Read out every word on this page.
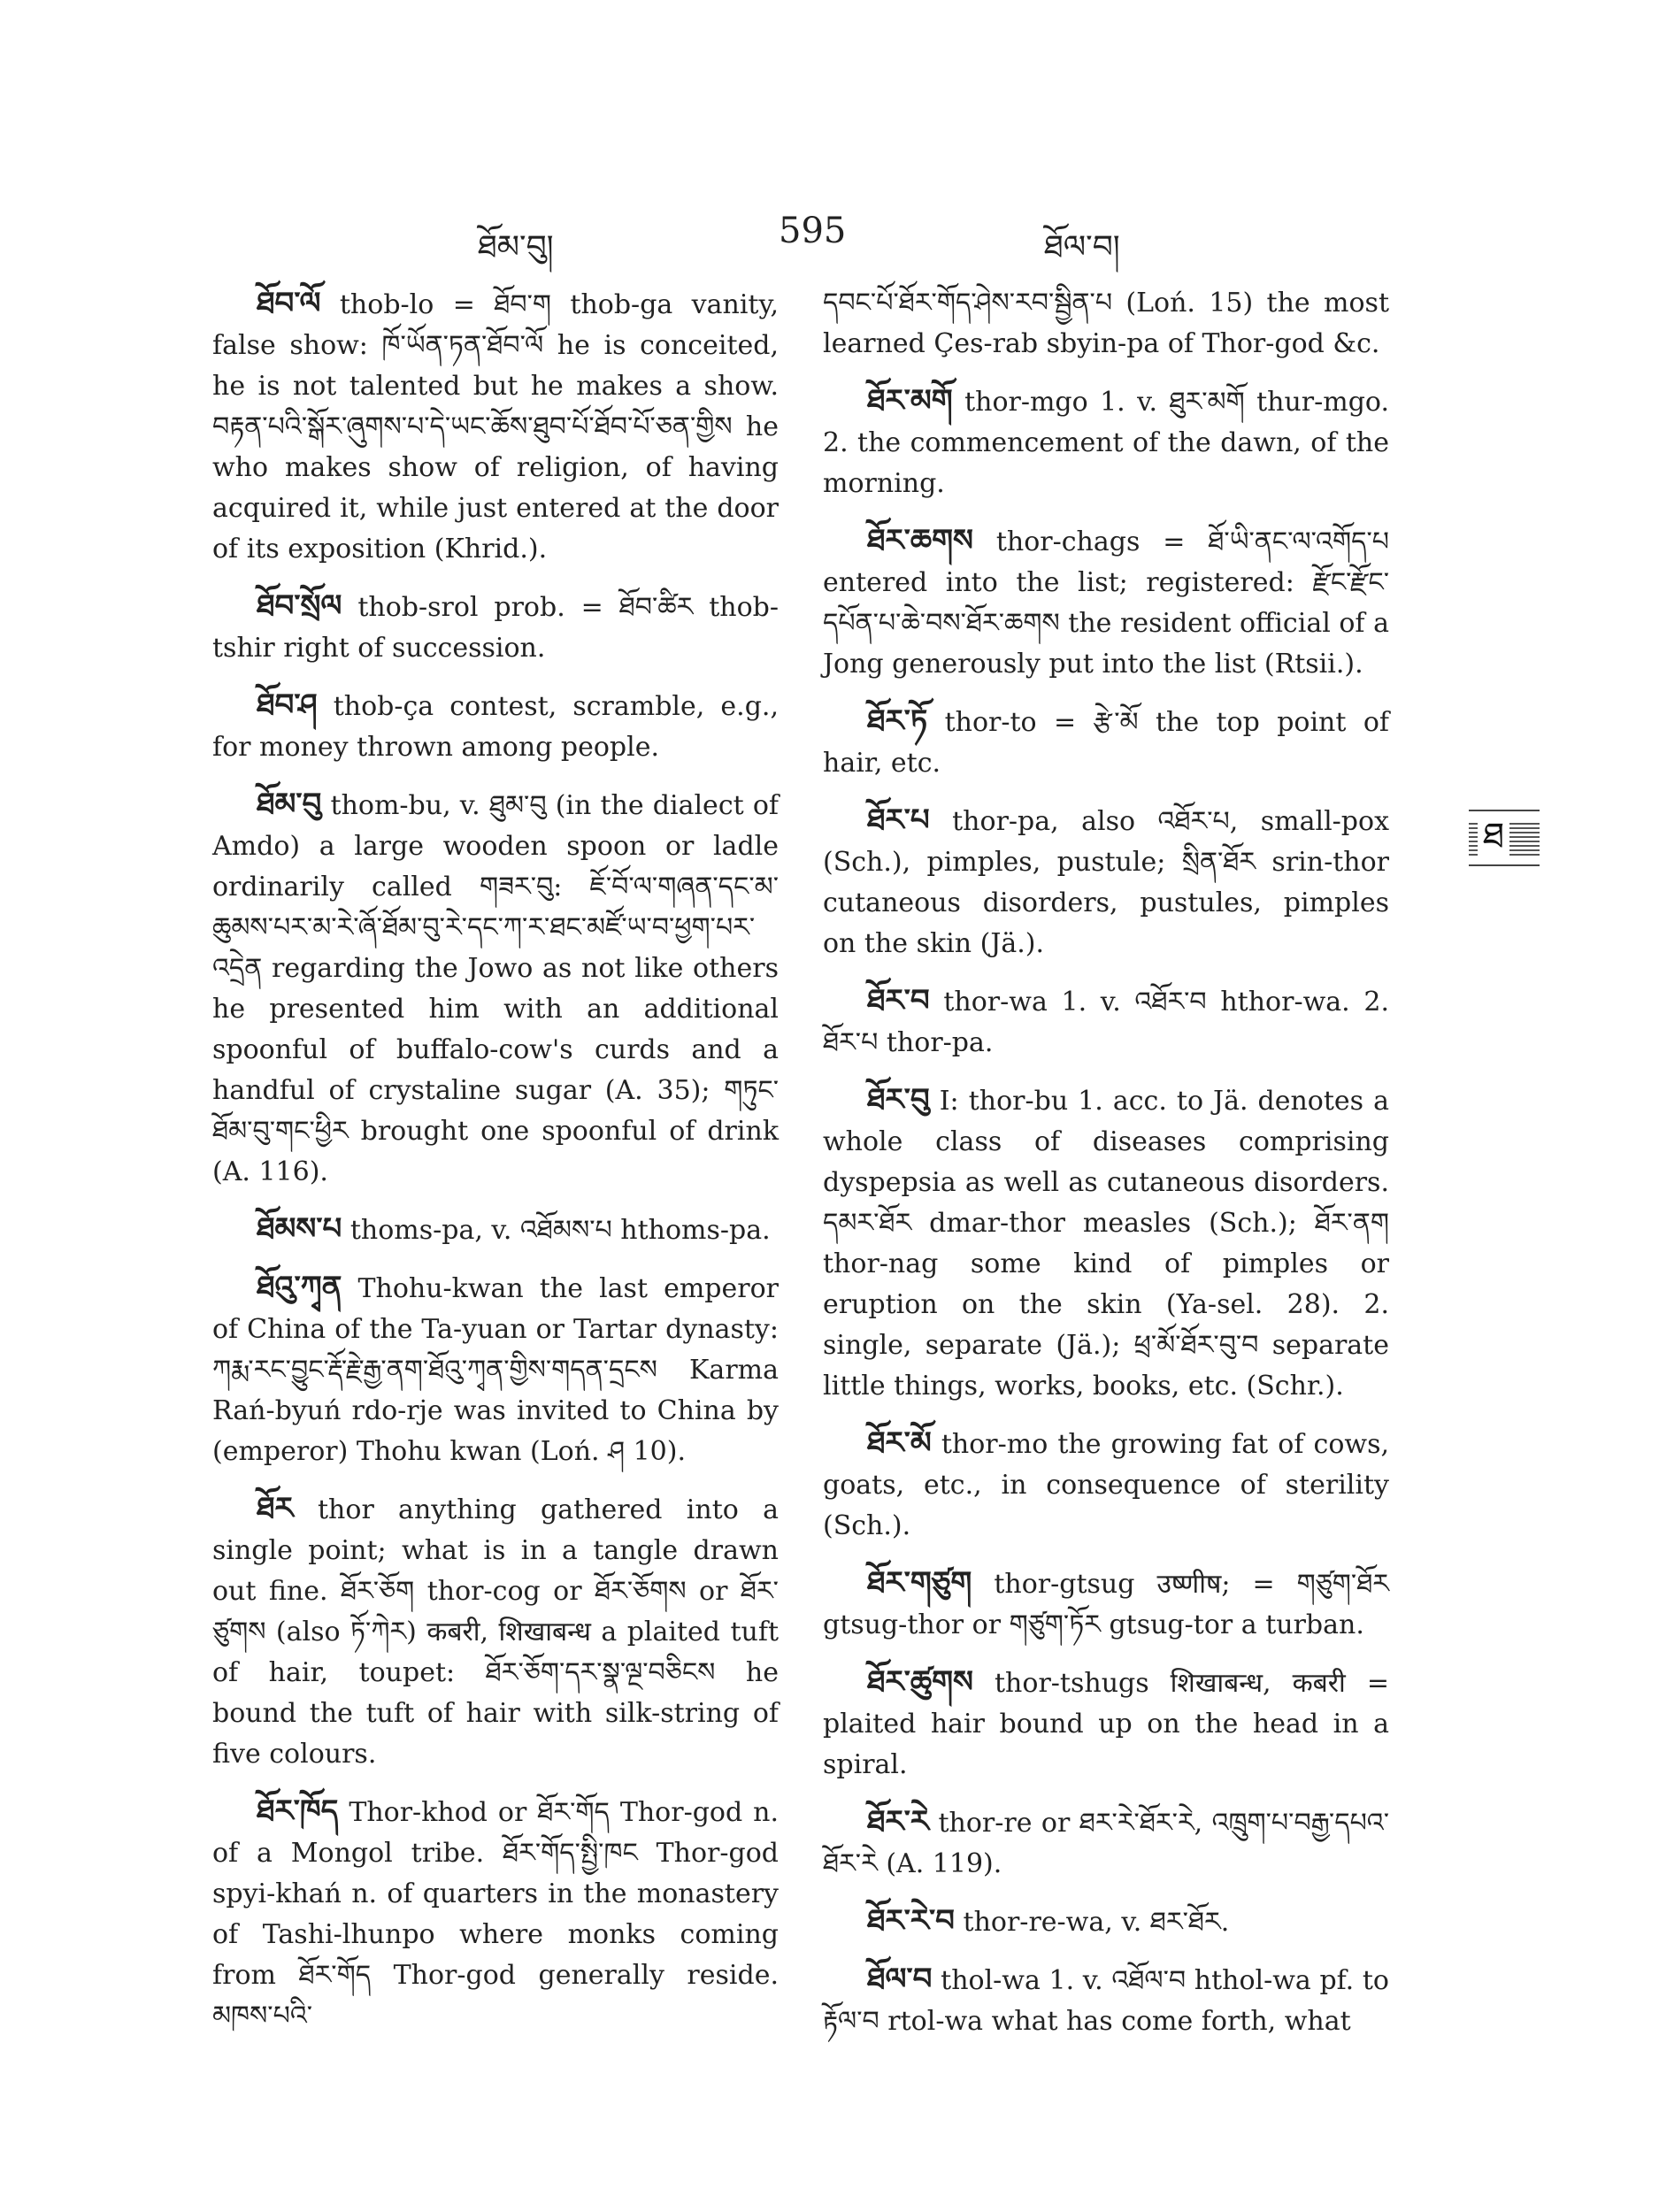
ཐོམ་བུ།	595	ཐོལ་བ།

ཐོབ་ལོ thob-lo = ཐོབ་ག thob-ga vanity, false show: ཁོ་ཡོན་ཏན་ཐོབ་ལོ he is conceited, he is not talented but he makes a show. བརྟན་པའི་སྒོར་ཞུགས་པ་དེ་ཡང་ཆོས་ཐུབ་པོ་ཐོབ་པོ་ཅན་གྱིས he who makes show of religion, of having acquired it, while just entered at the door of its exposition (Khrid.).

ཐོབ་སྲོལ thob-srol prob. = ཐོབ་ཚིར thob-tshir right of succession.

ཐོབ་ཤ thob-ça contest, scramble, e.g., for money thrown among people.

ཐོམ་བུ thom-bu, v. ཐུམ་བུ (in the dialect of Amdo) a large wooden spoon or ladle ordinarily called གཟར་བུ: ཇོ་བོ་ལ་གཞན་དང་མ་ཆུམས་པར་མ་རེ་ཞོ་ཐོམ་བུ་རེ་དང་ཀ་ར་ཐང་མཛོ་ཡ་བ་ཕྱག་པར་འདྲེན regarding the Jowo as not like others he presented him with an additional spoonful of buffalo-cow's curds and a handful of crystaline sugar (A. 35); གཏུང་ཐོམ་བུ་གང་ཕྱིར brought one spoonful of drink (A. 116).

ཐོམས་པ thoms-pa, v. འཐོམས་པ hthoms-pa.

ཐོའུ་ཀྭན Thohu-kwan the last emperor of China of the Ta-yuan or Tartar dynasty: ཀརྨ་རང་བྱུང་རྡོ་རྗེ་རྒྱ་ནག་ཐོའུ་ཀྭན་གྱིས་གདན་དྲངས Karma Rań-byuń rdo-rje was invited to China by (emperor) Thohu kwan (Loń. ཤ 10).

ཐོར thor anything gathered into a single point; what is in a tangle drawn out fine. ཐོར་ཅོག thor-cog or ཐོར་ཅོགས or ཐོར་ཙུགས (also ཏོ་ཀེར) कबरी, शिखाबन्ध a plaited tuft of hair, toupet: ཐོར་ཅོག་དར་སྣ་ལྔ་བཅིངས he bound the tuft of hair with silk-string of five colours.

ཐོར་ཁོད Thor-khod or ཐོར་གོད Thor-god n. of a Mongol tribe. ཐོར་གོད་སྤྱི་ཁང Thor-god spyi-khań n. of quarters in the monastery of Tashi-lhunpo where monks coming from ཐོར་གོད Thor-god generally reside. མཁས་པའི་

དབང་པོ་ཐོར་གོད་ཤེས་རབ་སྦྱིན་པ (Loń. 15) the most learned Çes-rab sbyin-pa of Thor-god &c.

ཐོར་མགོ thor-mgo 1. v. ཐུར་མགོ thur-mgo. 2. the commencement of the dawn, of the morning.

ཐོར་ཆགས thor-chags = ཐོ་ཡི་ནང་ལ་འགོད་པ entered into the list; registered: རྫོང་རྫོང་དཔོན་པ་ཆེ་བས་ཐོར་ཆགས the resident official of a Jong generously put into the list (Rtsii.).

ཐོར་ཏོ thor-to = རྩེ་མོ the top point of hair, etc.

ཐོར་པ thor-pa, also འཐོར་པ, small-pox (Sch.), pimples, pustule; སྲིན་ཐོར srin-thor cutaneous disorders, pustules, pimples on the skin (Jä.).

ཐོར་བ thor-wa 1. v. འཐོར་བ hthor-wa. 2. ཐོར་པ thor-pa.

ཐོར་བུ I: thor-bu 1. acc. to Jä. denotes a whole class of diseases comprising dyspepsia as well as cutaneous disorders. དམར་ཐོར dmar-thor measles (Sch.); ཐོར་ནག thor-nag some kind of pimples or eruption on the skin (Ya-sel. 28). 2. single, separate (Jä.); ཕྲ་མོ་ཐོར་བུ་བ separate little things, works, books, etc. (Schr.).

ཐོར་མོ thor-mo the growing fat of cows, goats, etc., in consequence of sterility (Sch.).

ཐོར་གཙུག thor-gtsug उष्णीष; = གཙུག་ཐོར gtsug-thor or གཙུག་ཏོར gtsug-tor a turban.

ཐོར་ཚུགས thor-tshugs शिखाबन्ध, कबरी = plaited hair bound up on the head in a spiral.

ཐོར་རེ thor-re or ཐར་རེ་ཐོར་རེ, འཁྲུག་པ་བརྒྱ་དཔའ་ཐོར་རེ (A. 119).

ཐོར་རེ་བ thor-re-wa, v. ཐར་ཐོར.

ཐོལ་བ thol-wa 1. v. འཐོལ་བ hthol-wa pf. to རྟོལ་བ rtol-wa what has come forth, what

ཐ
